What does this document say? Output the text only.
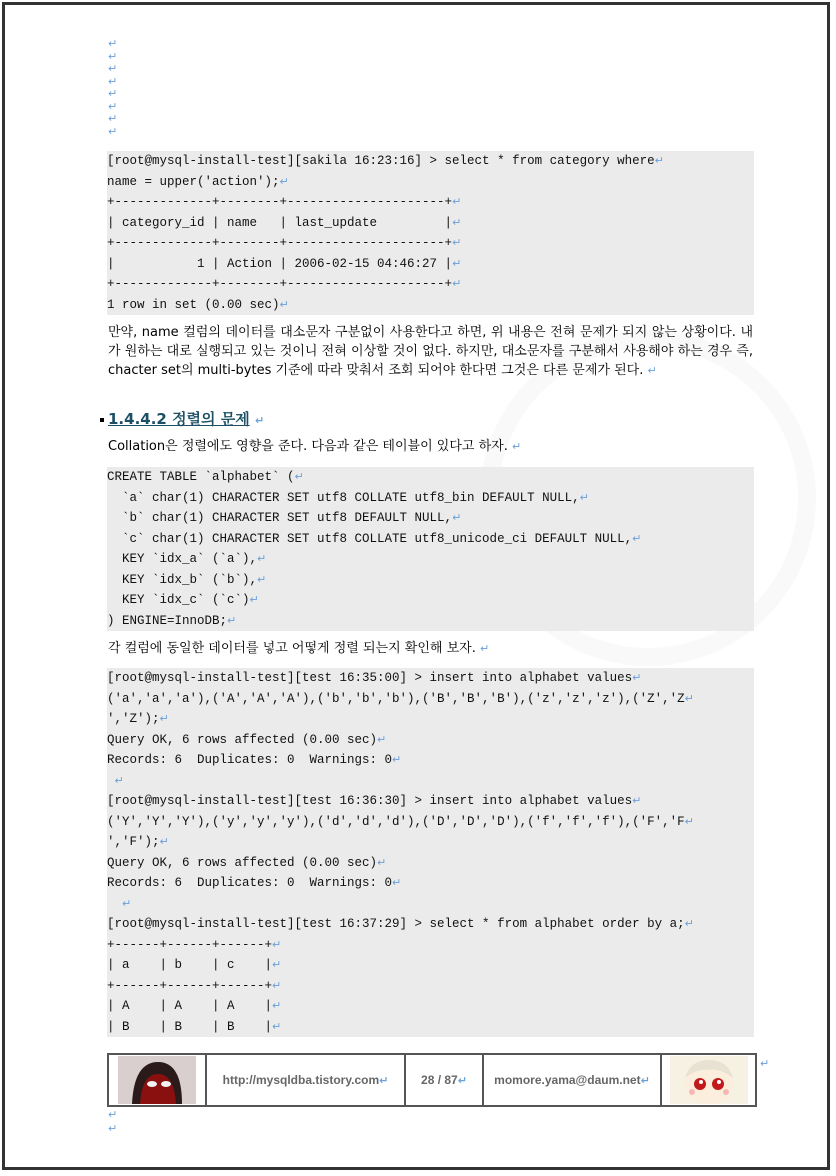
↵
↵
↵
↵
↵
↵
↵
↵
[root@mysql-install-test][sakila 16:23:16] > select * from category where↵
name = upper('action');↵
+-------------+--------+---------------------+↵
| category_id | name   | last_update         |↵
+-------------+--------+---------------------+↵
|           1 | Action | 2006-02-15 04:46:27 |↵
+-------------+--------+---------------------+↵
1 row in set (0.00 sec)↵
만약, name 컬럼의 데이터를 대소문자 구분없이 사용한다고 하면, 위 내용은 전혀 문제가 되지 않는 상황이다. 내가 원하는 대로 실행되고 있는 것이니 전혀 이상할 것이 없다. 하지만, 대소문자를 구분해서 사용해야 하는 경우 즉, chacter set의 multi-bytes 기준에 따라 맞춰서 조회 되어야 한다면 그것은 다른 문제가 된다. ↵
1.4.4.2 정렬의 문제 ↵
Collation은 정렬에도 영향을 준다. 다음과 같은 테이블이 있다고 하자. ↵
CREATE TABLE `alphabet` (↵
`a` char(1) CHARACTER SET utf8 COLLATE utf8_bin DEFAULT NULL,↵
`b` char(1) CHARACTER SET utf8 DEFAULT NULL,↵
`c` char(1) CHARACTER SET utf8 COLLATE utf8_unicode_ci DEFAULT NULL,↵
KEY `idx_a` (`a`),↵
KEY `idx_b` (`b`),↵
KEY `idx_c` (`c`)↵
) ENGINE=InnoDB;↵
각 컬럼에 동일한 데이터를 넣고 어떻게 정렬 되는지 확인해 보자. ↵
[root@mysql-install-test][test 16:35:00] > insert into alphabet values↵
('a','a','a'),('A','A','A'),('b','b','b'),('B','B','B'),('z','z','z'),('Z','Z↵
','Z');↵
Query OK, 6 rows affected (0.00 sec)↵
Records: 6  Duplicates: 0  Warnings: 0↵
↵
[root@mysql-install-test][test 16:36:30] > insert into alphabet values↵
('Y','Y','Y'),('y','y','y'),('d','d','d'),('D','D','D'),('f','f','f'),('F','F↵
','F');↵
Query OK, 6 rows affected (0.00 sec)↵
Records: 6  Duplicates: 0  Warnings: 0↵
↵
[root@mysql-install-test][test 16:37:29] > select * from alphabet order by a;↵
+------+------+------+↵
| a    | b    | c    |↵
+------+------+------+↵
| A    | A    | A    |↵
| B    | B    | B    |↵
http://mysqldba.tistory.com ↵	28 / 87 ↵ momore.yama@daum.net ↵
↵
↵
↵
